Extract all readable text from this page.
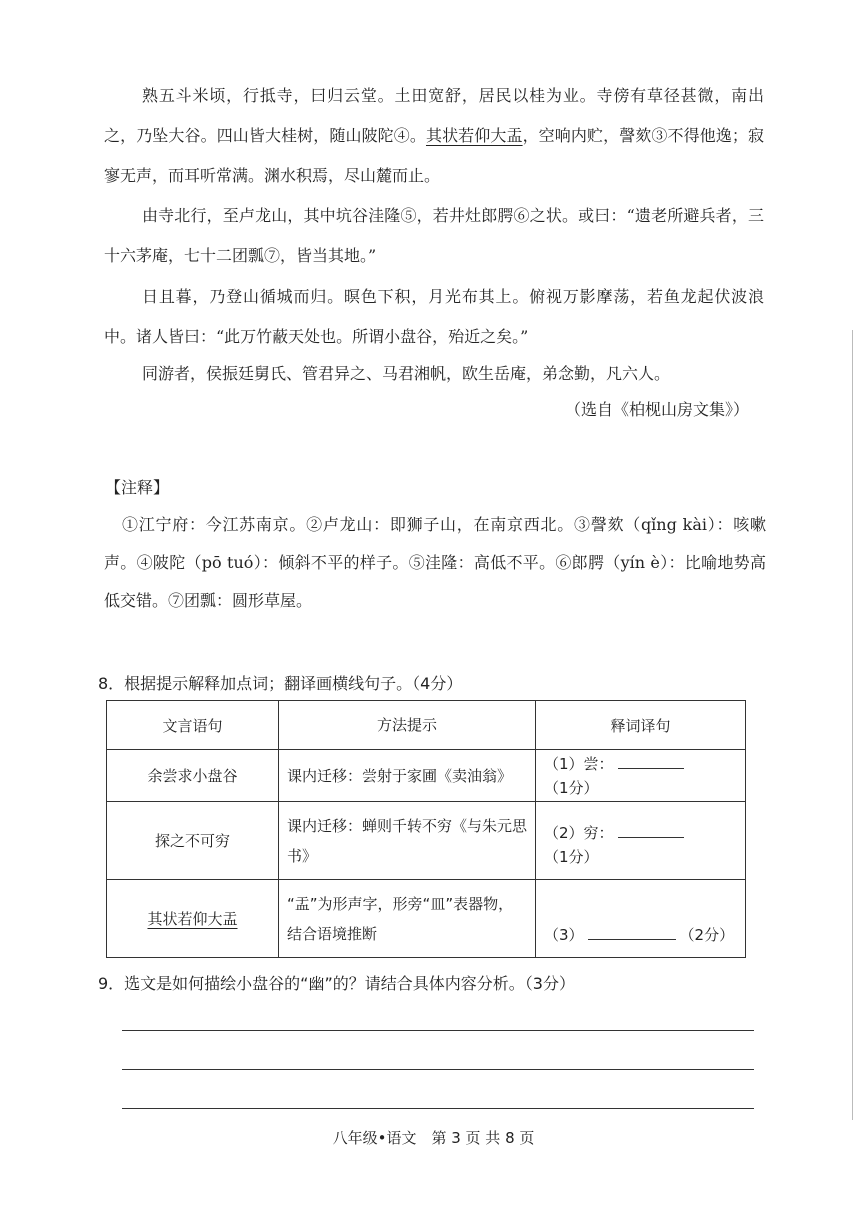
熟五斗米顷，行抵寺，曰归云堂。土田宽舒，居民以桂为业。寺傍有草径甚微，南出之，乃坠大谷。四山皆大桂树，随山陂陀④。其状若仰大盂，空响内贮，謦欬③不得他逸；寂寥无声，而耳听常满。渊水积焉，尽山麓而止。
由寺北行，至卢龙山，其中坑谷洼隆⑤，若井灶郎腭⑥之状。或曰：“遗老所避兵者，三十六茅庵，七十二团瓢⑦，皆当其地。”
日且暮，乃登山循城而归。暝色下积，月光布其上。俯视万影摩荡，若鱼龙起伏波浪中。诸人皆曰：“此万竹蔽天处也。所谓小盘谷，殆近之矣。”
同游者，侯振廷舅氏、管君异之、马君湘帆，欧生岳庵，弟念勤，凡六人。
（选自《柏枧山房文集》）
【注释】
①江宁府：今江苏南京。②卢龙山：即狮子山，在南京西北。③謦欬（qǐng kài）：咳嗽声。④陂陀（pō tuó）：倾斜不平的样子。⑤洼隆：高低不平。⑥郎腭（yín è）：比喻地势高低交错。⑦团瓢：圆形草屋。
8．根据提示解释加点词；翻译画横线句子。（4分）
文言语句	方法提示	释词译句
余尝求小盘谷	课内迁移：尝射于家圃《卖油翁》	（1）尝：（1分）
探之不可穷	课内迁移：蝉则千转不穷《与朱元思书》	（2）穷：（1分）
其状若仰大盂	“盂”为形声字，形旁“皿”表器物，结合语境推断	（3） （2分）
9．选文是如何描绘小盘谷的“幽”的？请结合具体内容分析。（3分）
八年级•语文　第 3 页 共 8 页
